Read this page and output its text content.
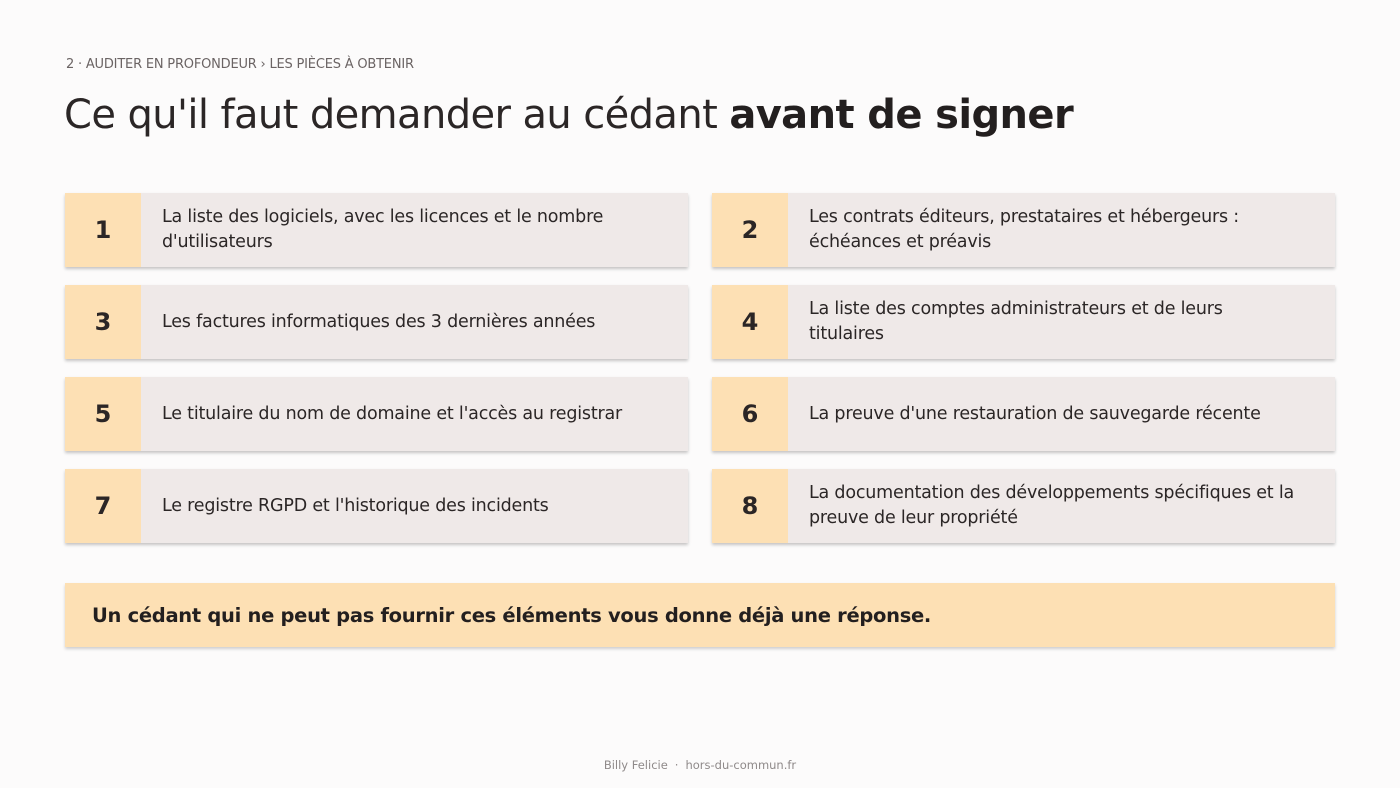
2 · AUDITER EN PROFONDEUR › LES PIÈCES À OBTENIR
Ce qu'il faut demander au cédant avant de signer
1	La liste des logiciels, avec les licences et le nombre d'utilisateurs	2	Les contrats éditeurs, prestataires et hébergeurs : échéances et préavis
3	Les factures informatiques des 3 dernières années	4	La liste des comptes administrateurs et de leurs titulaires
5	Le titulaire du nom de domaine et l'accès au registrar	6	La preuve d'une restauration de sauvegarde récente
7	Le registre RGPD et l'historique des incidents	8	La documentation des développements spécifiques et la preuve de leur propriété
Un cédant qui ne peut pas fournir ces éléments vous donne déjà une réponse.
Billy Felicie · hors-du-commun.fr
